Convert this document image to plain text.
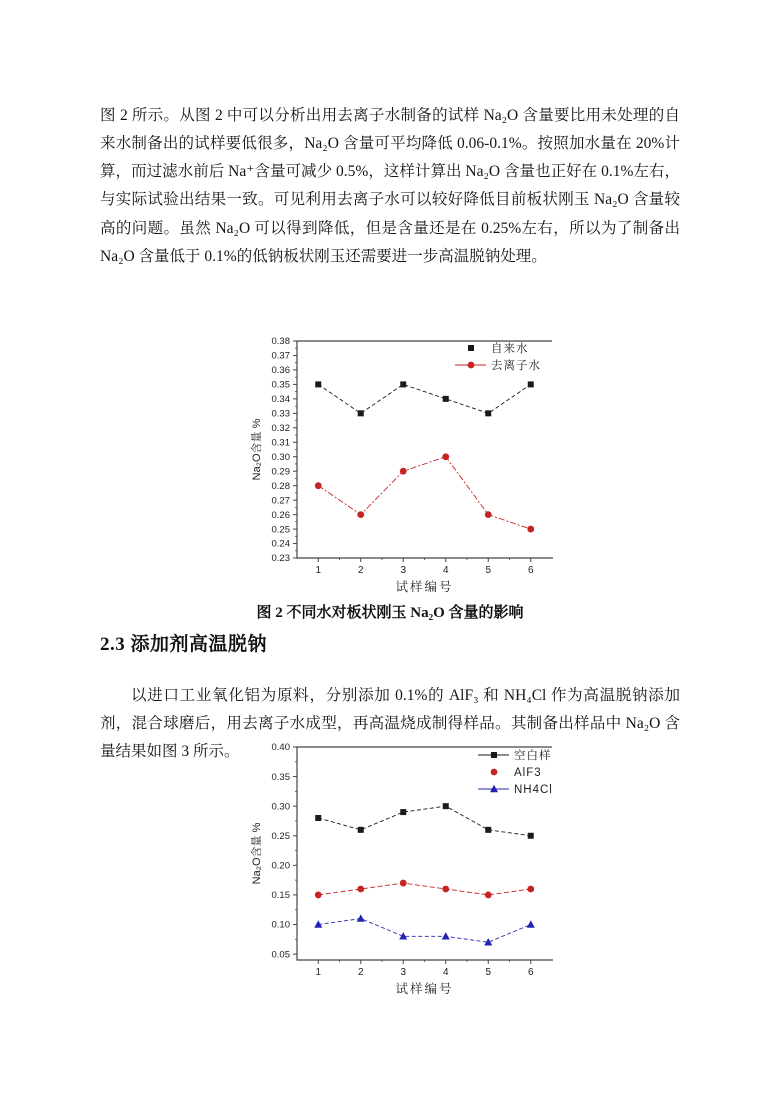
图 2 所示。从图 2 中可以分析出用去离子水制备的试样 Na₂O 含量要比用未处理的自来水制备出的试样要低很多，Na₂O 含量可平均降低 0.06-0.1%。按照加水量在 20%计算，而过滤水前后 Na⁺含量可减少 0.5%，这样计算出 Na₂O 含量也正好在 0.1%左右，与实际试验出结果一致。可见利用去离子水可以较好降低目前板状刚玉 Na₂O 含量较高的问题。虽然 Na₂O 可以得到降低，但是含量还是在 0.25%左右，所以为了制备出 Na₂O 含量低于 0.1%的低钠板状刚玉还需要进一步高温脱钠处理。

0.23
0.24
0.25
0.26
0.27
0.28
0.29
0.30
0.31
0.32
0.33
0.34
0.35
0.36
0.37
0.38
1	2	3	4	5	6
试样编号
Na₂O含量 %
自来水
去离子水
图 2 不同水对板状刚玉 Na₂O 含量的影响
2.3 添加剂高温脱钠

以进口工业氧化铝为原料，分别添加 0.1%的 AlF₃ 和 NH₄Cl 作为高温脱钠添加剂，混合球磨后，用去离子水成型，再高温烧成制得样品。其制备出样品中 Na₂O 含量结果如图 3 所示。

0.05
0.10
0.15
0.20
0.25
0.30
0.35
0.40
1	2	3	4	5	6
试样编号
Na₂O含量 %
空白样
AlF3
NH4Cl
